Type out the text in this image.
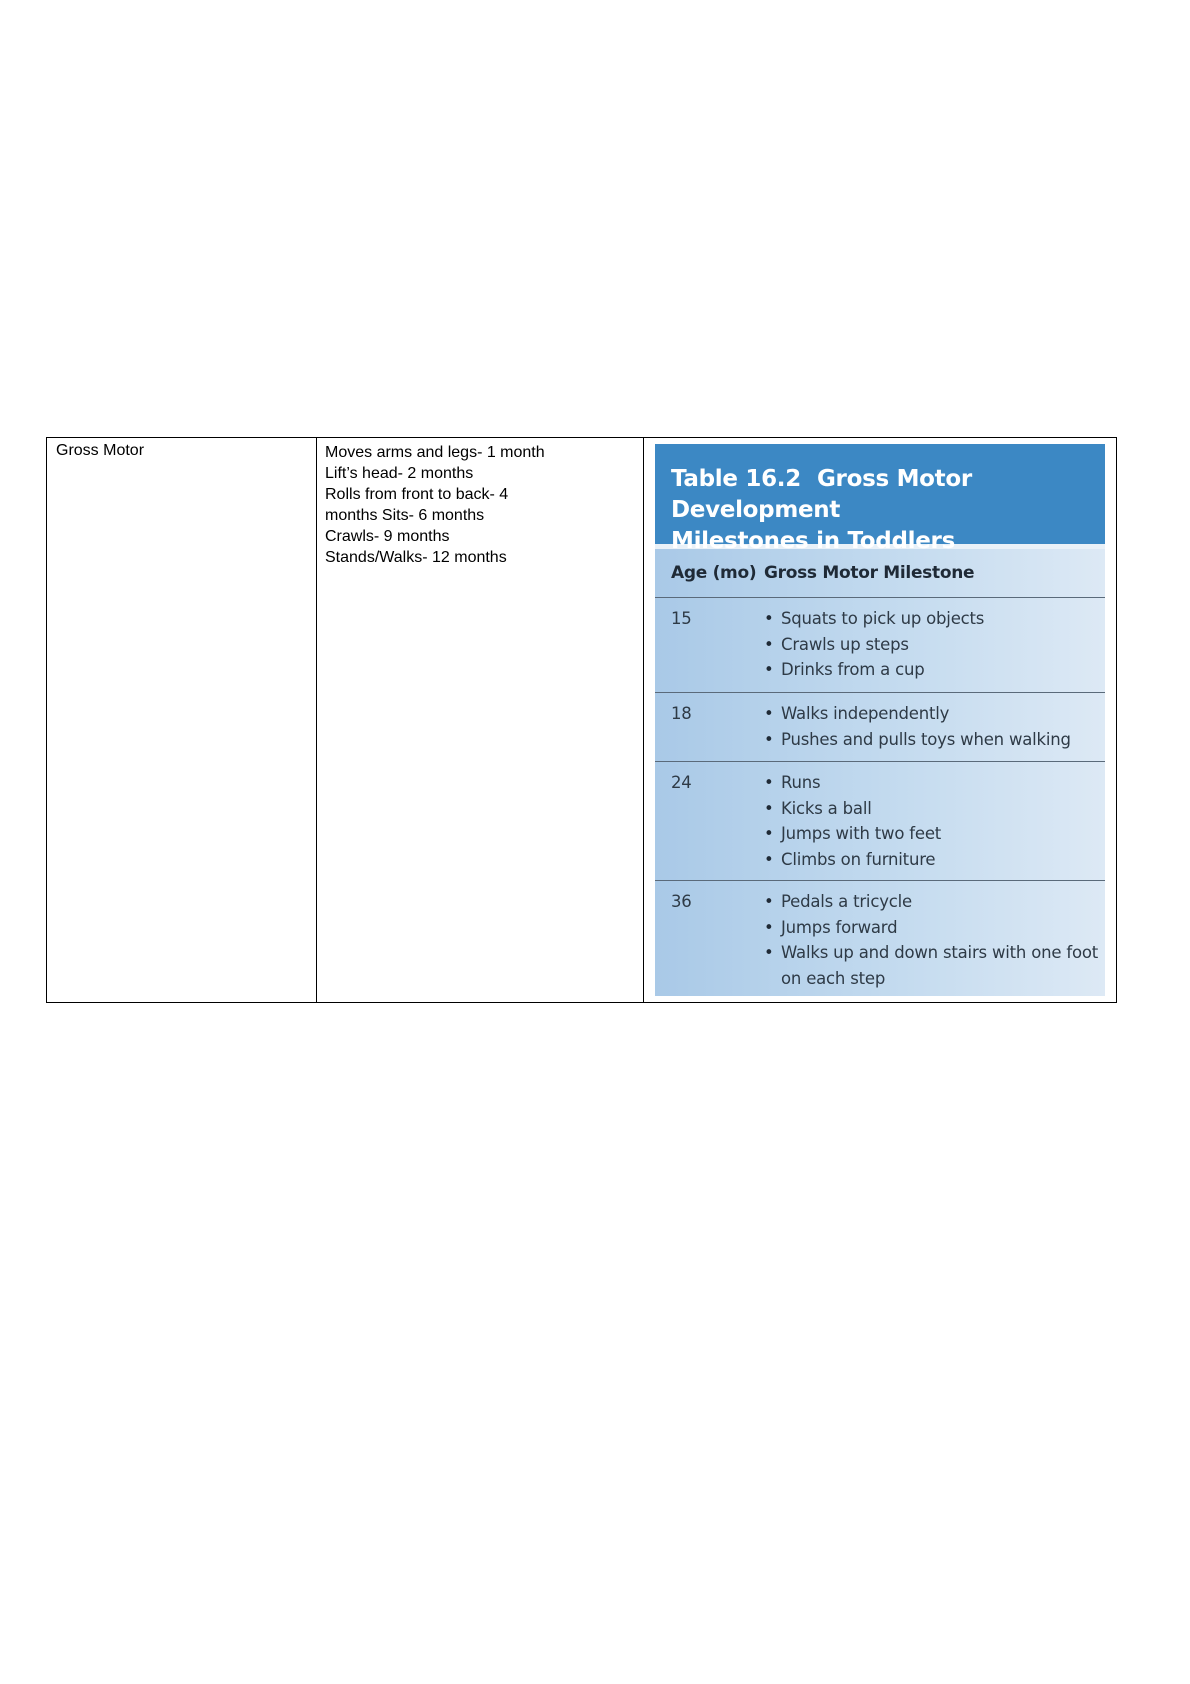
Gross Motor	Moves arms and legs- 1 month
Lift’s head- 2 months
Rolls from front to back- 4
months Sits- 6 months
Crawls- 9 months
Stands/Walks- 12 months
Table 16.2 Gross Motor Development
Milestones in Toddlers
Age (mo) Gross Motor Milestone
15	• Squats to pick up objects
• Crawls up steps
• Drinks from a cup
18	• Walks independently
• Pushes and pulls toys when walking
24	• Runs
• Kicks a ball
• Jumps with two feet
• Climbs on furniture
36	• Pedals a tricycle
• Jumps forward
• Walks up and down stairs with one foot on each step
